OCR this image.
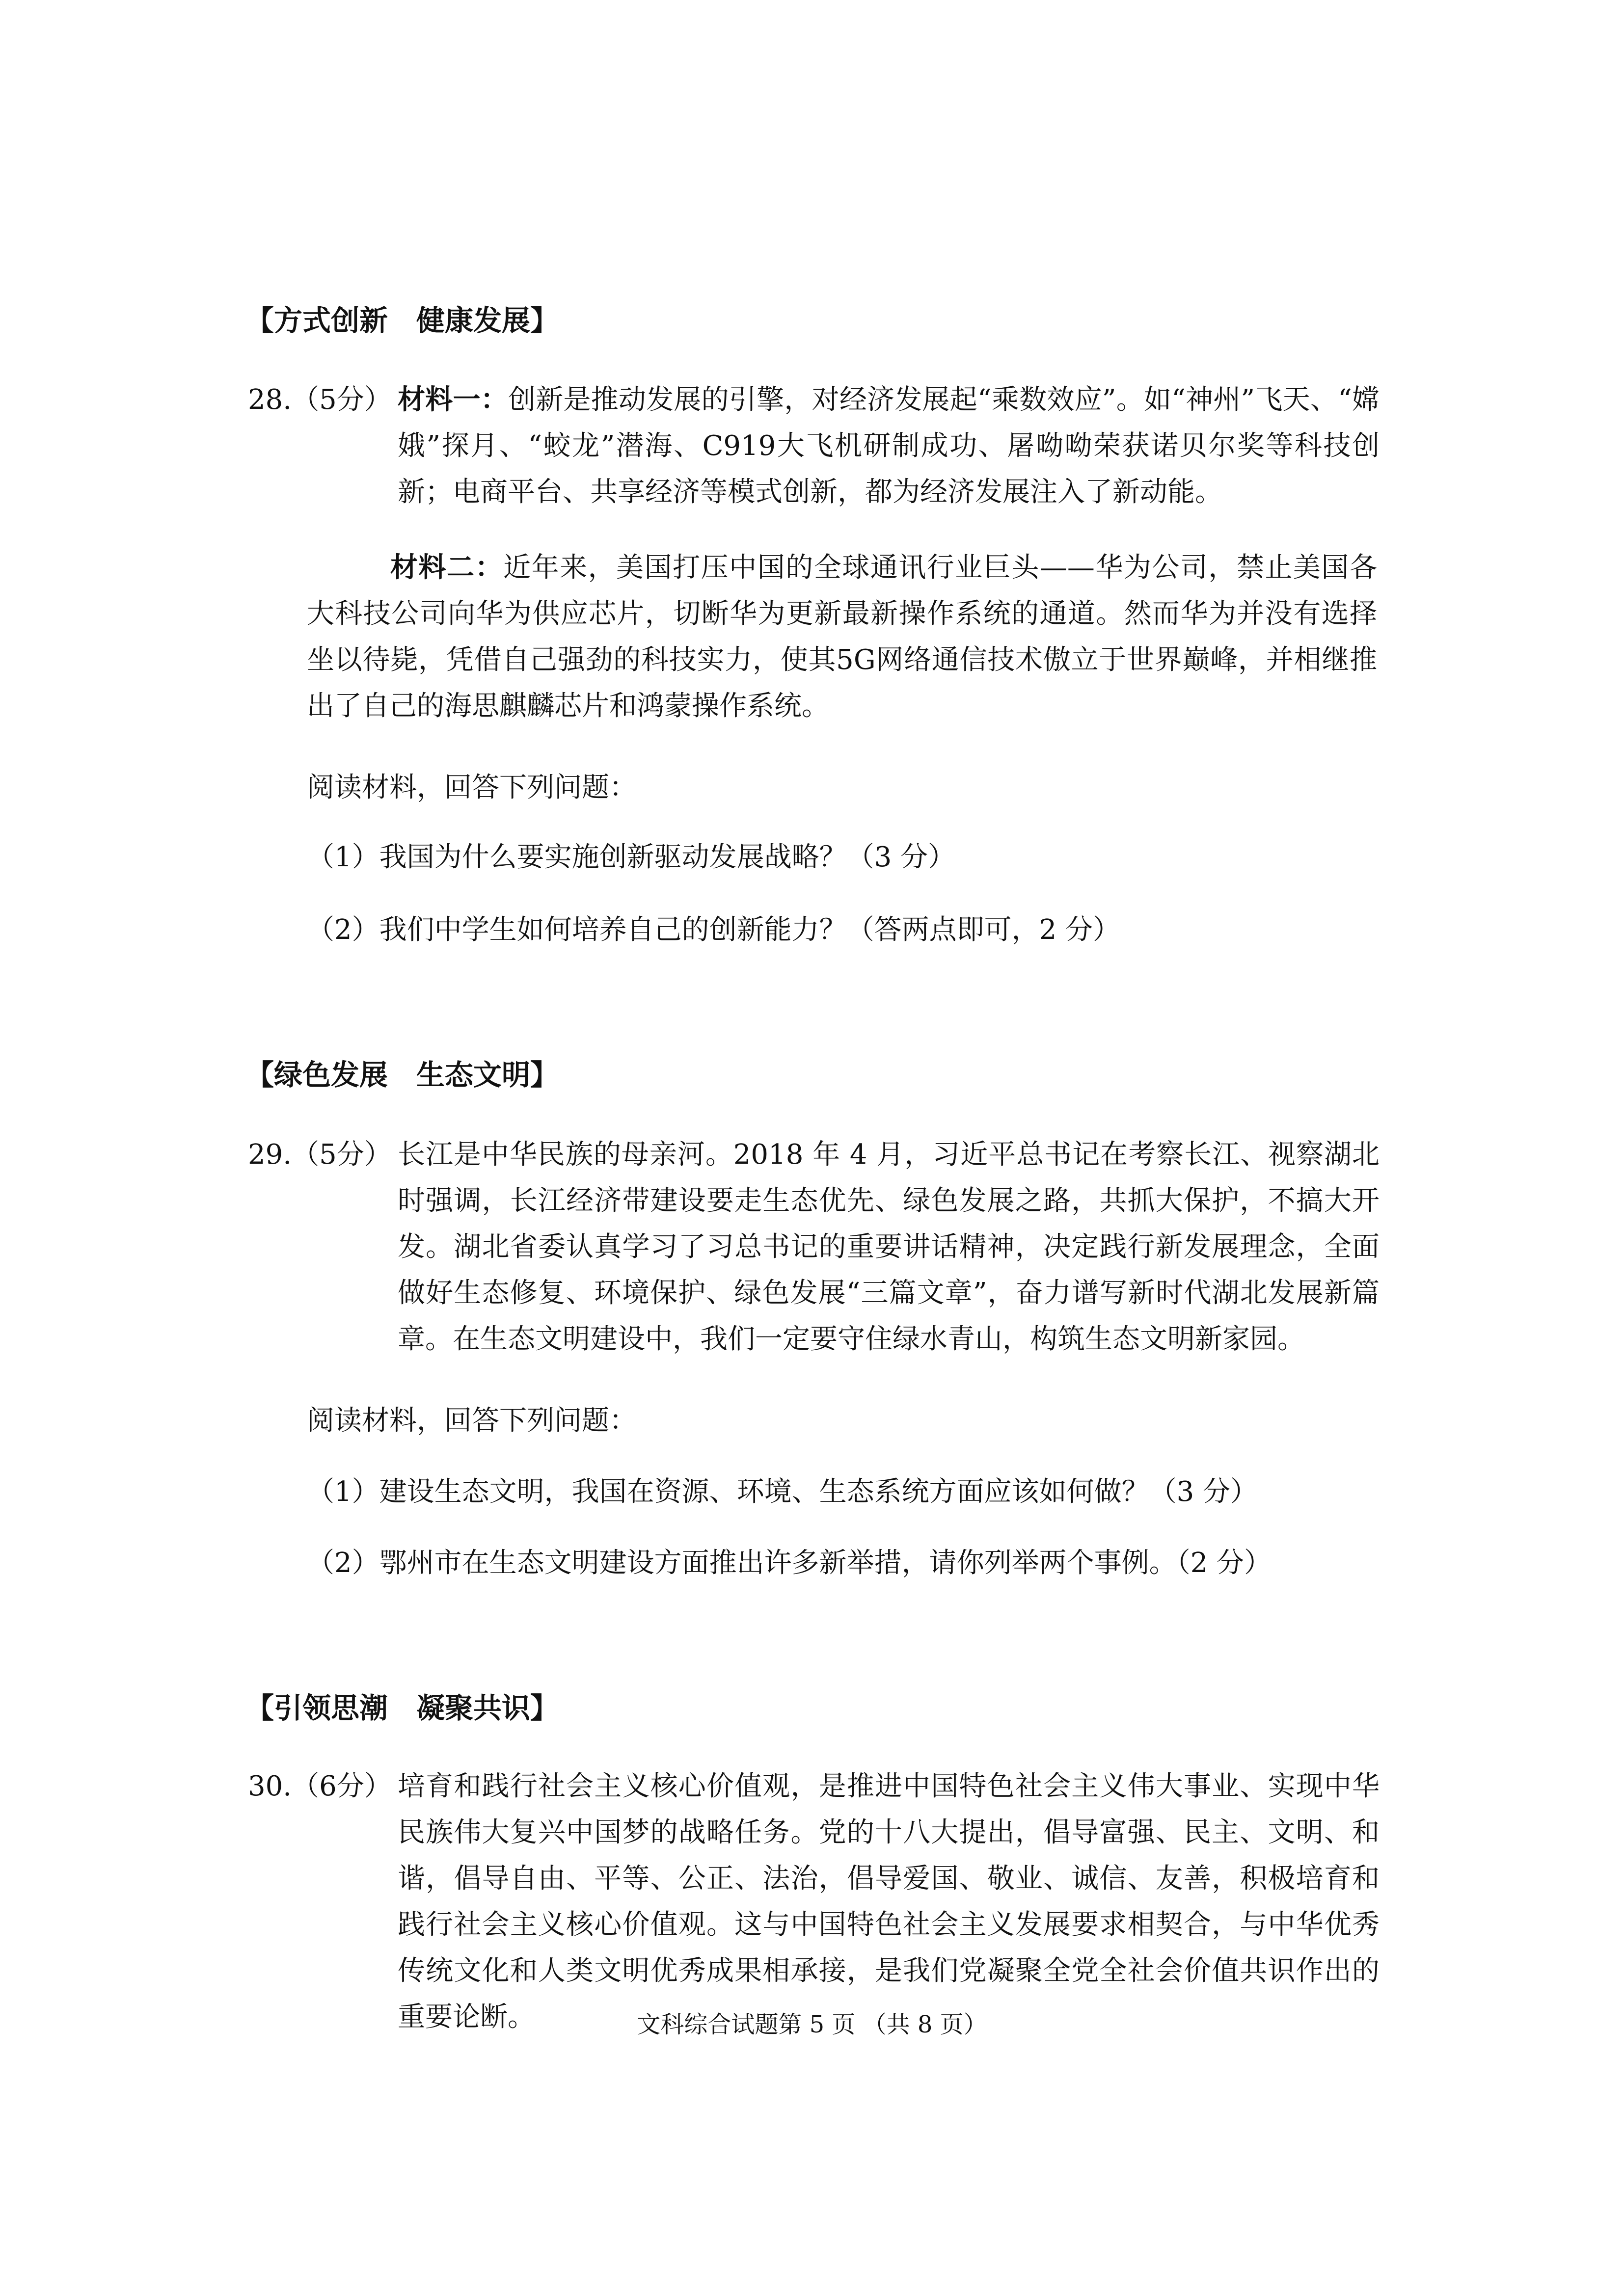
【方式创新　健康发展】
28.（5分） 材料一：创新是推动发展的引擎，对经济发展起“乘数效应”。如“神州”飞天、“嫦娥”探月、“蛟龙”潜海、C919大飞机研制成功、屠呦呦荣获诺贝尔奖等科技创新；电商平台、共享经济等模式创新，都为经济发展注入了新动能。
材料二：近年来，美国打压中国的全球通讯行业巨头——华为公司，禁止美国各大科技公司向华为供应芯片，切断华为更新最新操作系统的通道。然而华为并没有选择坐以待毙，凭借自己强劲的科技实力，使其5G网络通信技术傲立于世界巅峰，并相继推出了自己的海思麒麟芯片和鸿蒙操作系统。
阅读材料，回答下列问题：
（1）我国为什么要实施创新驱动发展战略？（3 分）
（2）我们中学生如何培养自己的创新能力？（答两点即可，2 分）
【绿色发展　生态文明】
29.（5分） 长江是中华民族的母亲河。2018 年 4 月，习近平总书记在考察长江、视察湖北时强调，长江经济带建设要走生态优先、绿色发展之路，共抓大保护，不搞大开发。湖北省委认真学习了习总书记的重要讲话精神，决定践行新发展理念，全面做好生态修复、环境保护、绿色发展“三篇文章”，奋力谱写新时代湖北发展新篇章。在生态文明建设中，我们一定要守住绿水青山，构筑生态文明新家园。
阅读材料，回答下列问题：
（1）建设生态文明，我国在资源、环境、生态系统方面应该如何做？（3 分）
（2）鄂州市在生态文明建设方面推出许多新举措，请你列举两个事例。（2 分）
【引领思潮　凝聚共识】
30.（6分） 培育和践行社会主义核心价值观，是推进中国特色社会主义伟大事业、实现中华民族伟大复兴中国梦的战略任务。党的十八大提出，倡导富强、民主、文明、和谐，倡导自由、平等、公正、法治，倡导爱国、敬业、诚信、友善，积极培育和践行社会主义核心价值观。这与中国特色社会主义发展要求相契合，与中华优秀传统文化和人类文明优秀成果相承接，是我们党凝聚全党全社会价值共识作出的重要论断。	文科综合试题第 5 页 （共 8 页）
